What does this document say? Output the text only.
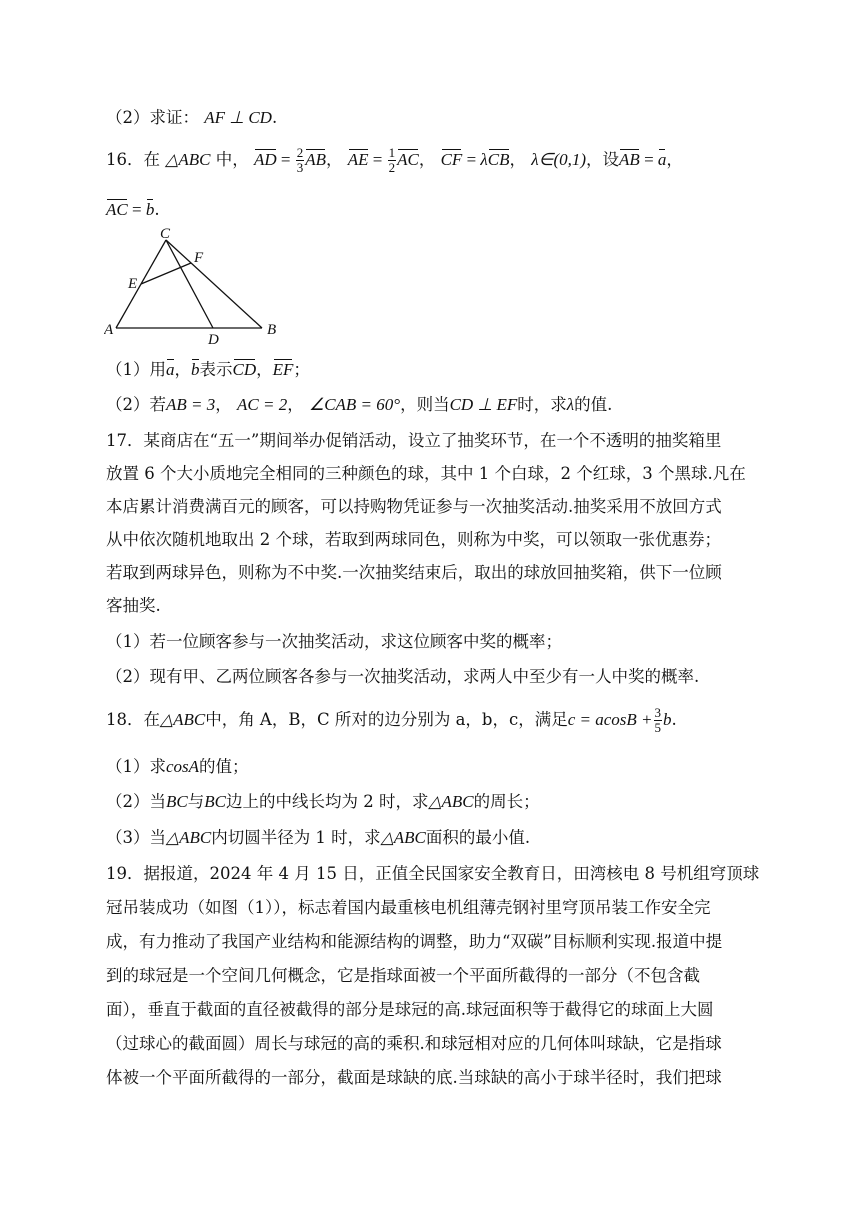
（2）求证： AF ⊥ CD.
16．在 △ABC 中， AD = $\frac{2}{3}$ AB， AE = $\frac{1}{2}$ AC， CF = λCB， λ∈(0,1)，设AB = a，
AC = b.
C
F
E
A
D
B
（1）用a，b表示CD，EF；
（2）若AB = 3， AC = 2， ∠CAB = 60°，则当CD ⊥ EF时，求λ的值.
17．某商店在“五一”期间举办促销活动，设立了抽奖环节，在一个不透明的抽奖箱里
放置 6 个大小质地完全相同的三种颜色的球，其中 1 个白球，2 个红球，3 个黑球.凡在
本店累计消费满百元的顾客，可以持购物凭证参与一次抽奖活动.抽奖采用不放回方式
从中依次随机地取出 2 个球，若取到两球同色，则称为中奖，可以领取一张优惠券；
若取到两球异色，则称为不中奖.一次抽奖结束后，取出的球放回抽奖箱，供下一位顾
客抽奖.
（1）若一位顾客参与一次抽奖活动，求这位顾客中奖的概率；
（2）现有甲、乙两位顾客各参与一次抽奖活动，求两人中至少有一人中奖的概率.
18．在△ABC中，角 A，B，C 所对的边分别为 a，b，c，满足$c = acosB + \frac{3}{5} b$.
（1）求cosA的值；
（2）当BC与BC边上的中线长均为 2 时，求△ABC的周长；
（3）当△ABC内切圆半径为 1 时，求△ABC面积的最小值.
19．据报道，2024 年 4 月 15 日，正值全民国家安全教育日，田湾核电 8 号机组穹顶球
冠吊装成功（如图（1）），标志着国内最重核电机组薄壳钢衬里穹顶吊装工作安全完
成，有力推动了我国产业结构和能源结构的调整，助力“双碳”目标顺利实现.报道中提
到的球冠是一个空间几何概念，它是指球面被一个平面所截得的一部分（不包含截
面），垂直于截面的直径被截得的部分是球冠的高.球冠面积等于截得它的球面上大圆
（过球心的截面圆）周长与球冠的高的乘积.和球冠相对应的几何体叫球缺，它是指球
体被一个平面所截得的一部分，截面是球缺的底.当球缺的高小于球半径时，我们把球
